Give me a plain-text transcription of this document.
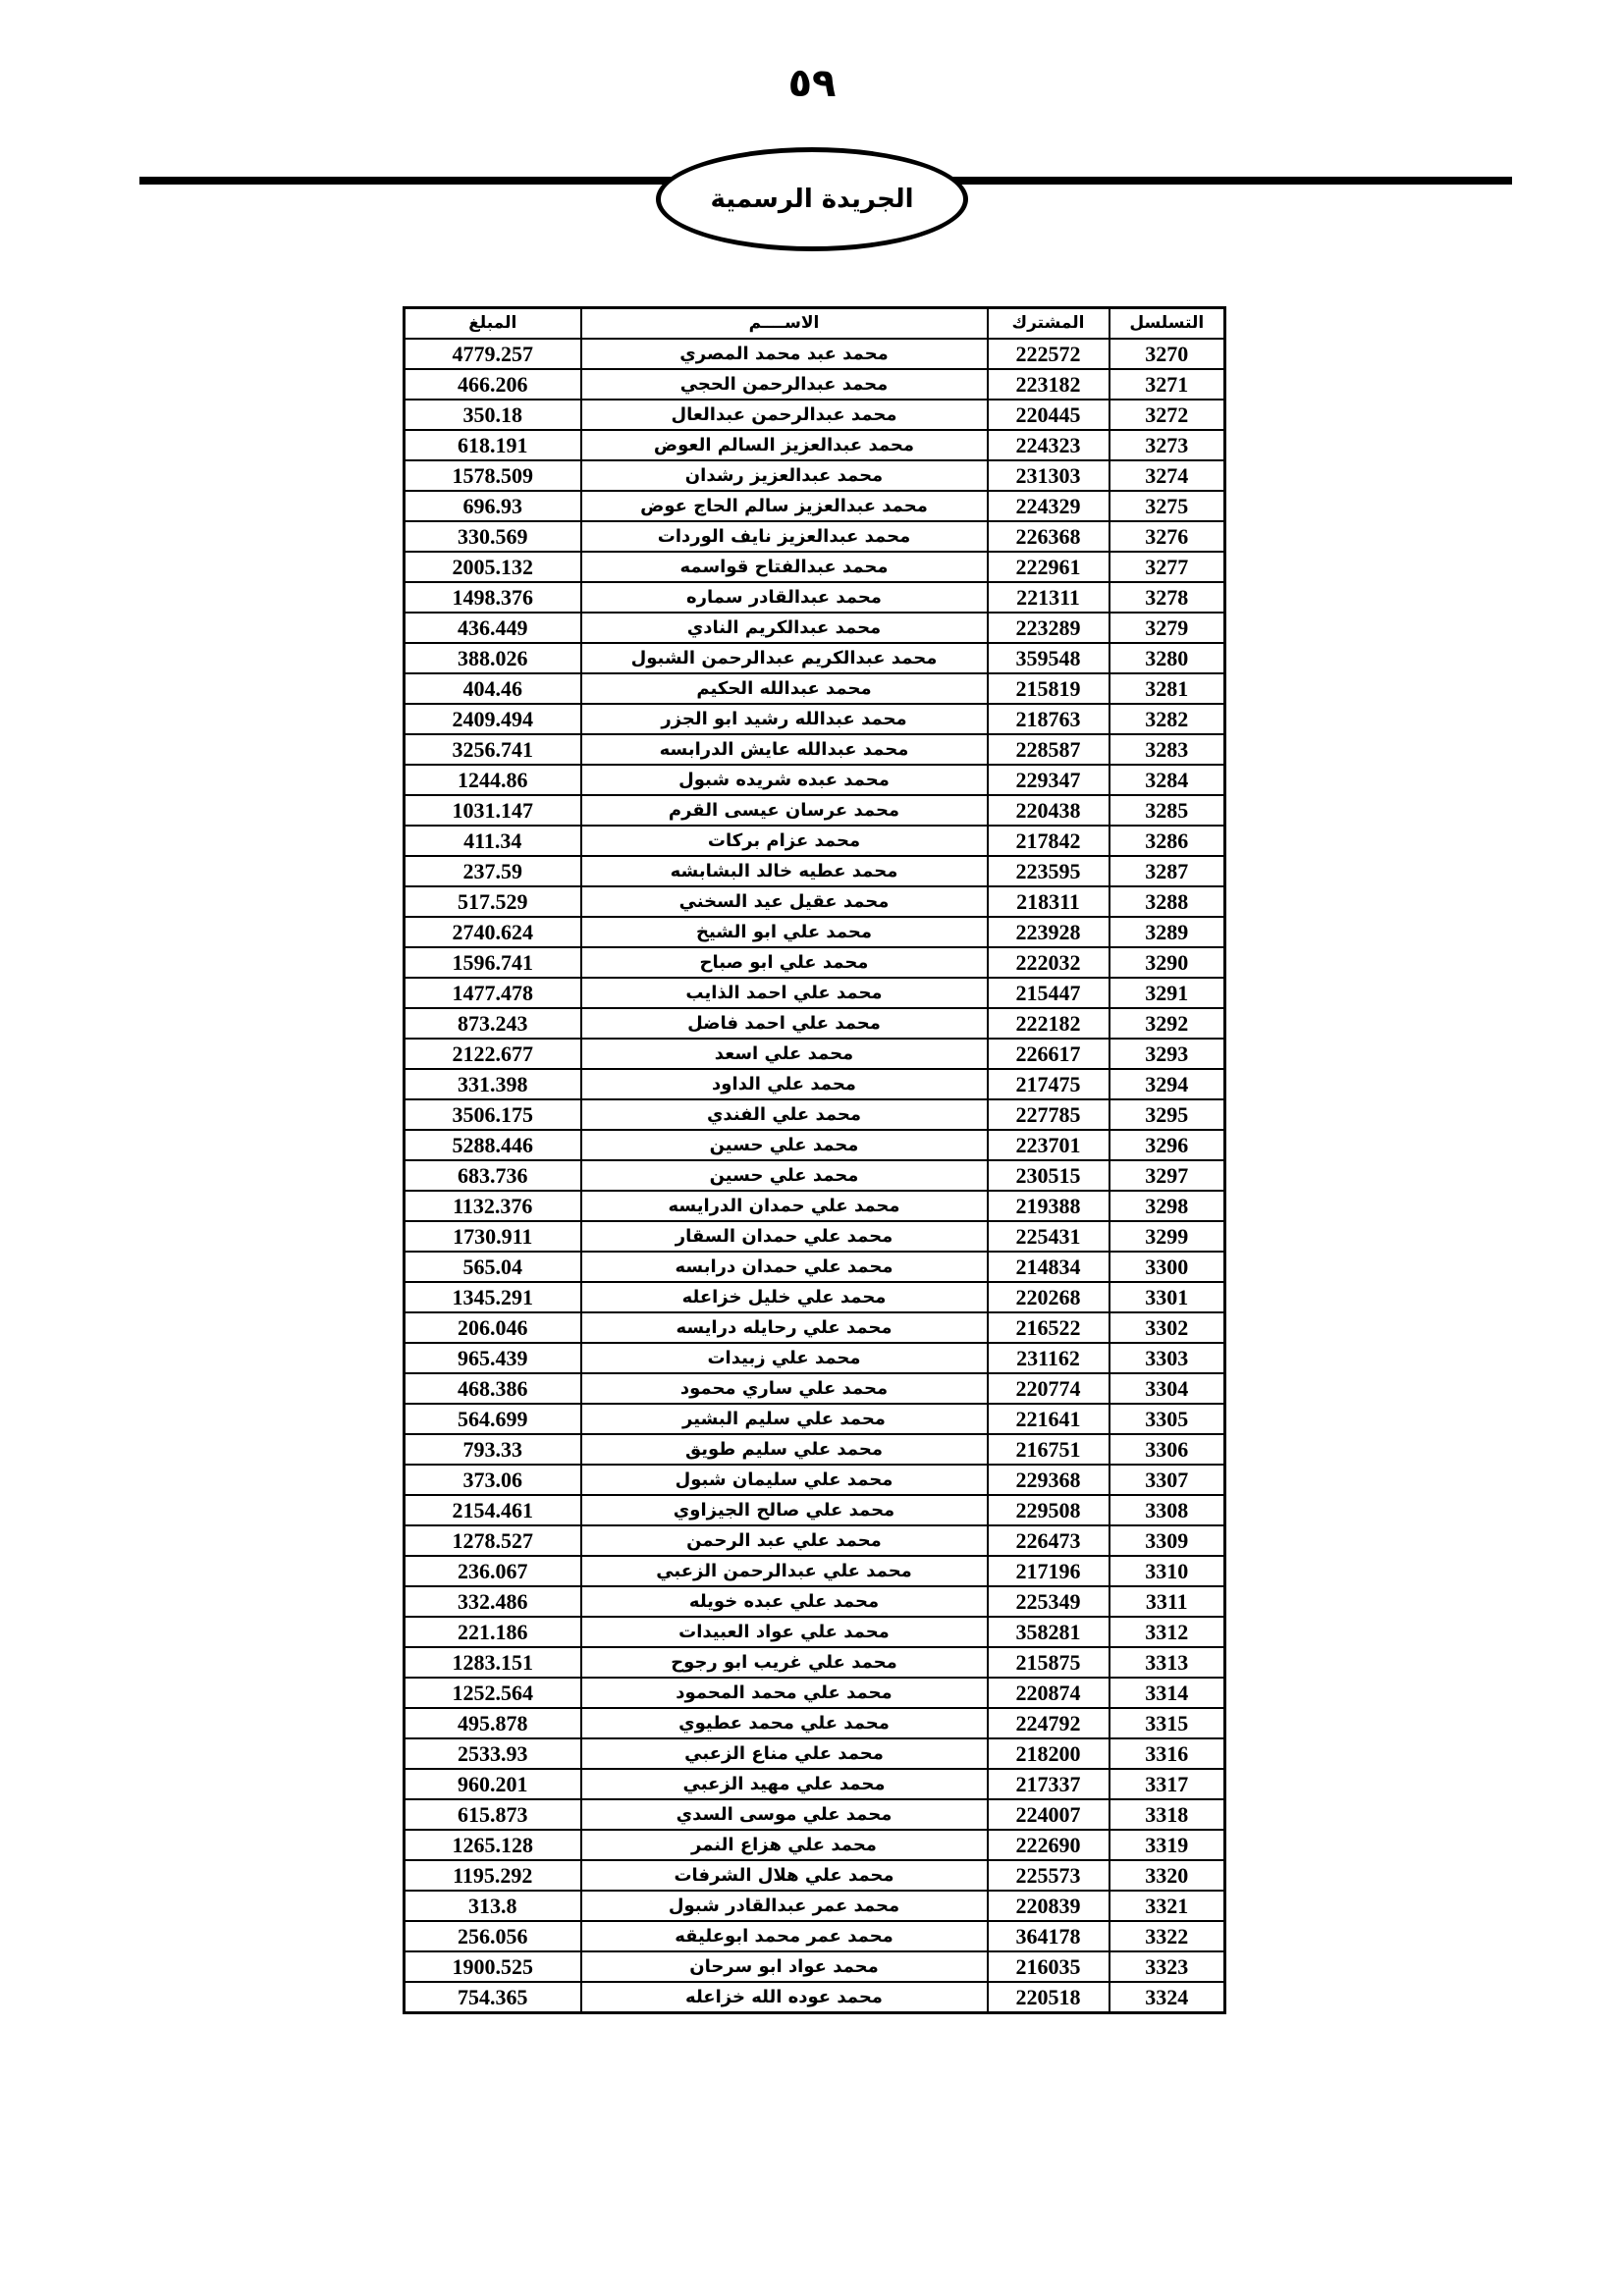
٥٩
الجريدة الرسمية
التسلسل	المشترك	الاســــم	المبلغ
3270	222572	محمد عبد محمد المصري	4779.257
3271	223182	محمد عبدالرحمن الحجي	466.206
3272	220445	محمد عبدالرحمن عبدالعال	350.18
3273	224323	محمد عبدالعزيز السالم العوض	618.191
3274	231303	محمد عبدالعزيز رشدان	1578.509
3275	224329	محمد عبدالعزيز سالم الحاج عوض	696.93
3276	226368	محمد عبدالعزيز نايف الوردات	330.569
3277	222961	محمد عبدالفتاح قواسمه	2005.132
3278	221311	محمد عبدالقادر سماره	1498.376
3279	223289	محمد عبدالكريم النادي	436.449
3280	359548	محمد عبدالكريم عبدالرحمن الشبول	388.026
3281	215819	محمد عبدالله الحكيم	404.46
3282	218763	محمد عبدالله رشيد ابو الجزر	2409.494
3283	228587	محمد عبدالله عايش الدرابسه	3256.741
3284	229347	محمد عبده شريده شبول	1244.86
3285	220438	محمد عرسان عيسى القرم	1031.147
3286	217842	محمد عزام بركات	411.34
3287	223595	محمد عطيه خالد البشابشه	237.59
3288	218311	محمد عقيل عيد السخني	517.529
3289	223928	محمد علي ابو الشيخ	2740.624
3290	222032	محمد علي ابو صباح	1596.741
3291	215447	محمد علي احمد الذايب	1477.478
3292	222182	محمد علي احمد فاضل	873.243
3293	226617	محمد علي اسعد	2122.677
3294	217475	محمد علي الداود	331.398
3295	227785	محمد علي الفندي	3506.175
3296	223701	محمد علي حسين	5288.446
3297	230515	محمد علي حسين	683.736
3298	219388	محمد علي حمدان الدرايسه	1132.376
3299	225431	محمد علي حمدان السقار	1730.911
3300	214834	محمد علي حمدان درابسه	565.04
3301	220268	محمد علي خليل خزاعله	1345.291
3302	216522	محمد علي رحايله درايسه	206.046
3303	231162	محمد علي زبيدات	965.439
3304	220774	محمد علي ساري محمود	468.386
3305	221641	محمد علي سليم البشير	564.699
3306	216751	محمد علي سليم طويق	793.33
3307	229368	محمد علي سليمان شبول	373.06
3308	229508	محمد علي صالح الجيزاوي	2154.461
3309	226473	محمد علي عبد الرحمن	1278.527
3310	217196	محمد علي عبدالرحمن الزعبي	236.067
3311	225349	محمد علي عبده خويله	332.486
3312	358281	محمد علي عواد العبيدات	221.186
3313	215875	محمد علي غريب ابو رجوح	1283.151
3314	220874	محمد علي محمد المحمود	1252.564
3315	224792	محمد علي محمد عطيوي	495.878
3316	218200	محمد علي مناع الزعبي	2533.93
3317	217337	محمد علي مهيد الزعبي	960.201
3318	224007	محمد علي موسى السدي	615.873
3319	222690	محمد علي هزاع النمر	1265.128
3320	225573	محمد علي هلال الشرفات	1195.292
3321	220839	محمد عمر عبدالقادر شبول	313.8
3322	364178	محمد عمر محمد ابوعليقه	256.056
3323	216035	محمد عواد ابو سرحان	1900.525
3324	220518	محمد عوده الله خزاعله	754.365
